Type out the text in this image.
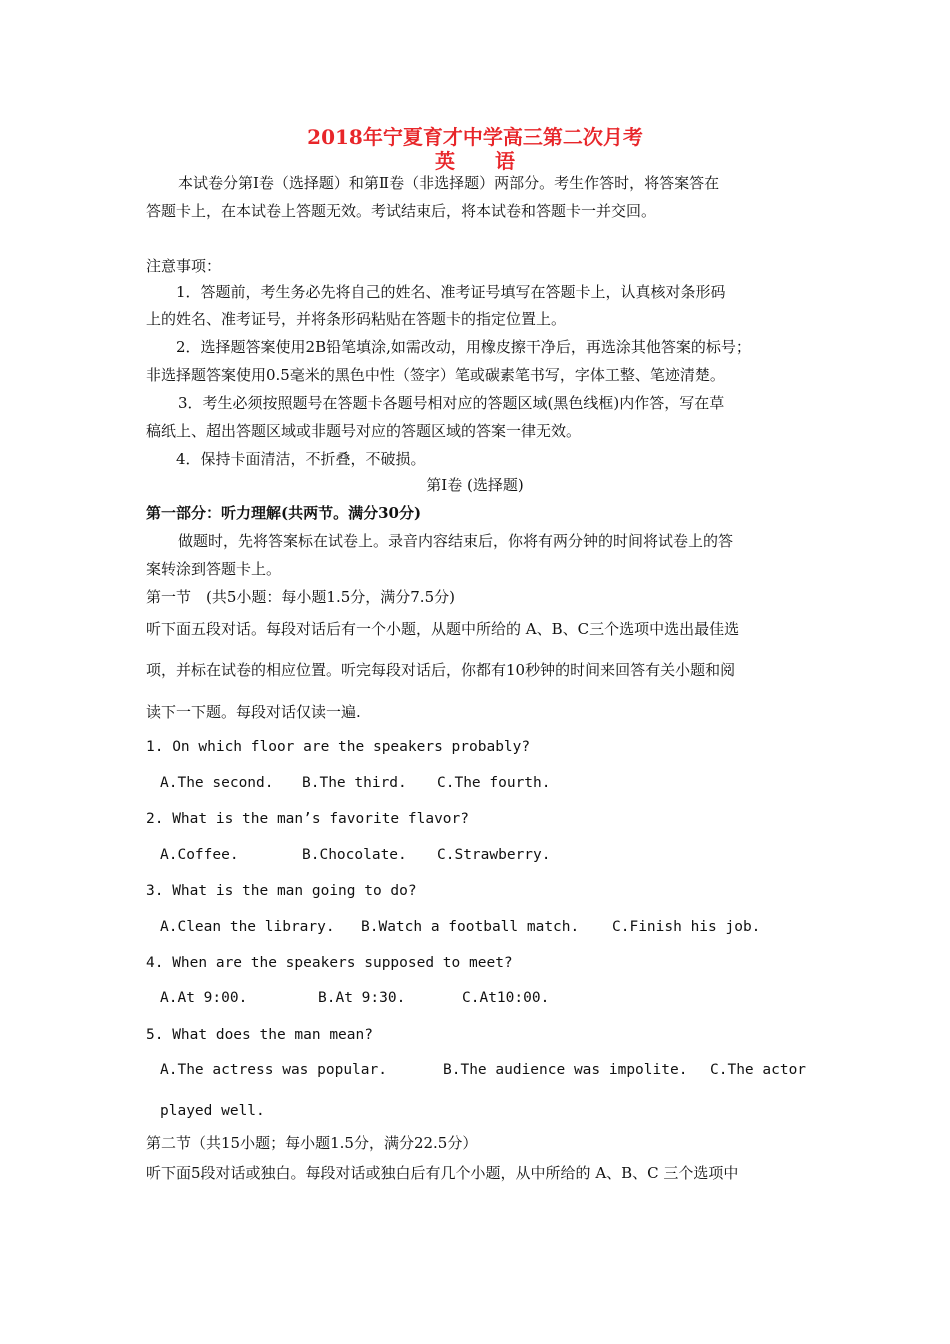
2018年宁夏育才中学高三第二次月考
英　　语
本试卷分第Ⅰ卷（选择题）和第Ⅱ卷（非选择题）两部分。考生作答时，将答案答在
答题卡上，在本试卷上答题无效。考试结束后，将本试卷和答题卡一并交回。
注意事项：
1．答题前，考生务必先将自己的姓名、准考证号填写在答题卡上，认真核对条形码
上的姓名、准考证号，并将条形码粘贴在答题卡的指定位置上。
2．选择题答案使用2B铅笔填涂,如需改动，用橡皮擦干净后，再选涂其他答案的标号；
非选择题答案使用0.5毫米的黑色中性（签字）笔或碳素笔书写，字体工整、笔迹清楚。
3．考生必须按照题号在答题卡各题号相对应的答题区域(黑色线框)内作答，写在草
稿纸上、超出答题区域或非题号对应的答题区域的答案一律无效。
4．保持卡面清洁，不折叠，不破损。
第Ⅰ卷 (选择题)
第一部分：听力理解(共两节。满分30分)
做题时，先将答案标在试卷上。录音内容结束后，你将有两分钟的时间将试卷上的答
案转涂到答题卡上。
第一节　(共5小题：每小题1.5分，满分7.5分)
听下面五段对话。每段对话后有一个小题，从题中所给的 A、B、C三个选项中选出最佳选
项，并标在试卷的相应位置。听完每段对话后，你都有10秒钟的时间来回答有关小题和阅
读下一下题。每段对话仅读一遍.
1. On which floor are the speakers probably?
A.The second. B.The third. C.The fourth.
2. What is the man’s favorite flavor?
A.Coffee.	B.Chocolate. C.Strawberry.
3. What is the man going to do?
A.Clean the library. B.Watch a football match. C.Finish his job.
4. When are the speakers supposed to meet?
A.At 9:00.	B.At 9:30.	C.At10:00.
5. What does the man mean?
A.The actress was popular.	B.The audience was impolite. C.The actor
played well.
第二节（共15小题；每小题1.5分，满分22.5分）
听下面5段对话或独白。每段对话或独白后有几个小题，从中所给的 A、B、C 三个选项中
